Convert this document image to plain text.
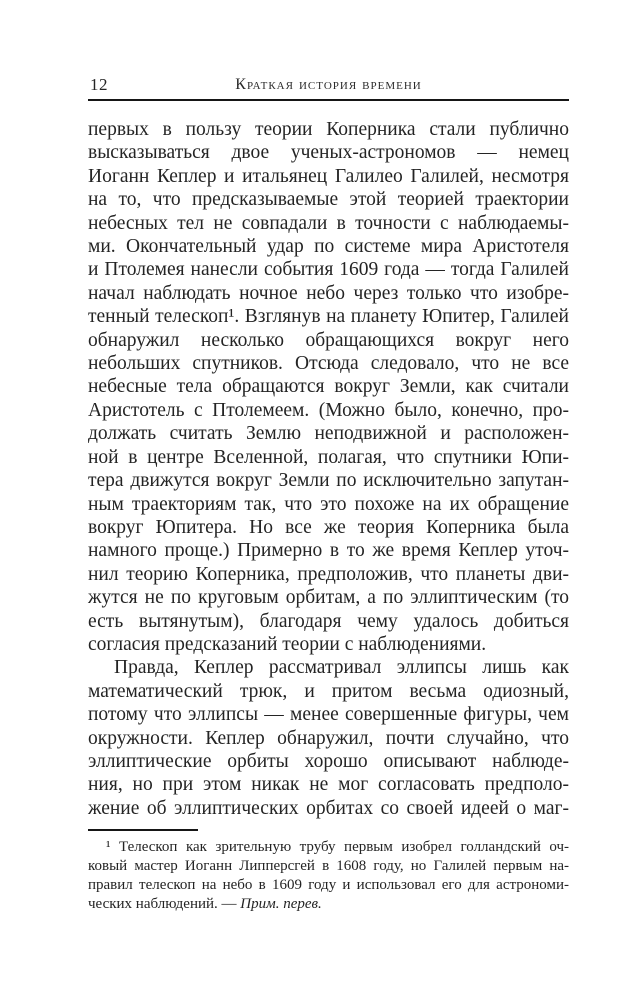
12	Краткая история времени
первых в пользу теории Коперника стали публично
высказываться двое ученых-астрономов — немец
Иоганн Кеплер и итальянец Галилео Галилей, несмотря
на то, что предсказываемые этой теорией траектории
небесных тел не совпадали в точности с наблюдаемы-
ми. Окончательный удар по системе мира Аристотеля
и Птолемея нанесли события 1609 года — тогда Галилей
начал наблюдать ночное небо через только что изобре-
тенный телескоп¹. Взглянув на планету Юпитер, Галилей
обнаружил несколько обращающихся вокруг него
небольших спутников. Отсюда следовало, что не все
небесные тела обращаются вокруг Земли, как считали
Аристотель с Птолемеем. (Можно было, конечно, про-
должать считать Землю неподвижной и расположен-
ной в центре Вселенной, полагая, что спутники Юпи-
тера движутся вокруг Земли по исключительно запутан-
ным траекториям так, что это похоже на их обращение
вокруг Юпитера. Но все же теория Коперника была
намного проще.) Примерно в то же время Кеплер уточ-
нил теорию Коперника, предположив, что планеты дви-
жутся не по круговым орбитам, а по эллиптическим (то
есть вытянутым), благодаря чему удалось добиться
согласия предсказаний теории с наблюдениями.
Правда, Кеплер рассматривал эллипсы лишь как
математический трюк, и притом весьма одиозный,
потому что эллипсы — менее совершенные фигуры, чем
окружности. Кеплер обнаружил, почти случайно, что
эллиптические орбиты хорошо описывают наблюде-
ния, но при этом никак не мог согласовать предполо-
жение об эллиптических орбитах со своей идеей о маг-
¹ Телескоп как зрительную трубу первым изобрел голландский оч-
ковый мастер Иоганн Липперсгей в 1608 году, но Галилей первым на-
правил телескоп на небо в 1609 году и использовал его для астрономи-
ческих наблюдений. — Прим. перев.
